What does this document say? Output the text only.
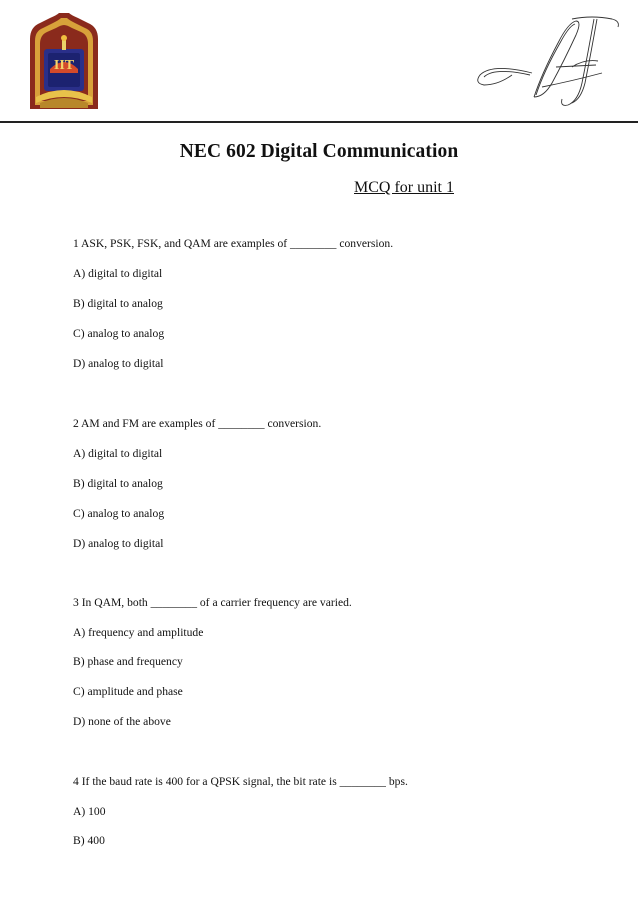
IIT
AI
NEC 602 Digital Communication

MCQ for unit 1

1 ASK, PSK, FSK, and QAM are examples of ________ conversion.

A) digital to digital

B) digital to analog

C) analog to analog

D) analog to digital

2 AM and FM are examples of ________ conversion.

A) digital to digital

B) digital to analog

C) analog to analog

D) analog to digital

3 In QAM, both ________ of a carrier frequency are varied.

A) frequency and amplitude

B) phase and frequency

C) amplitude and phase

D) none of the above

4 If the baud rate is 400 for a QPSK signal, the bit rate is ________ bps.

A) 100

B) 400
